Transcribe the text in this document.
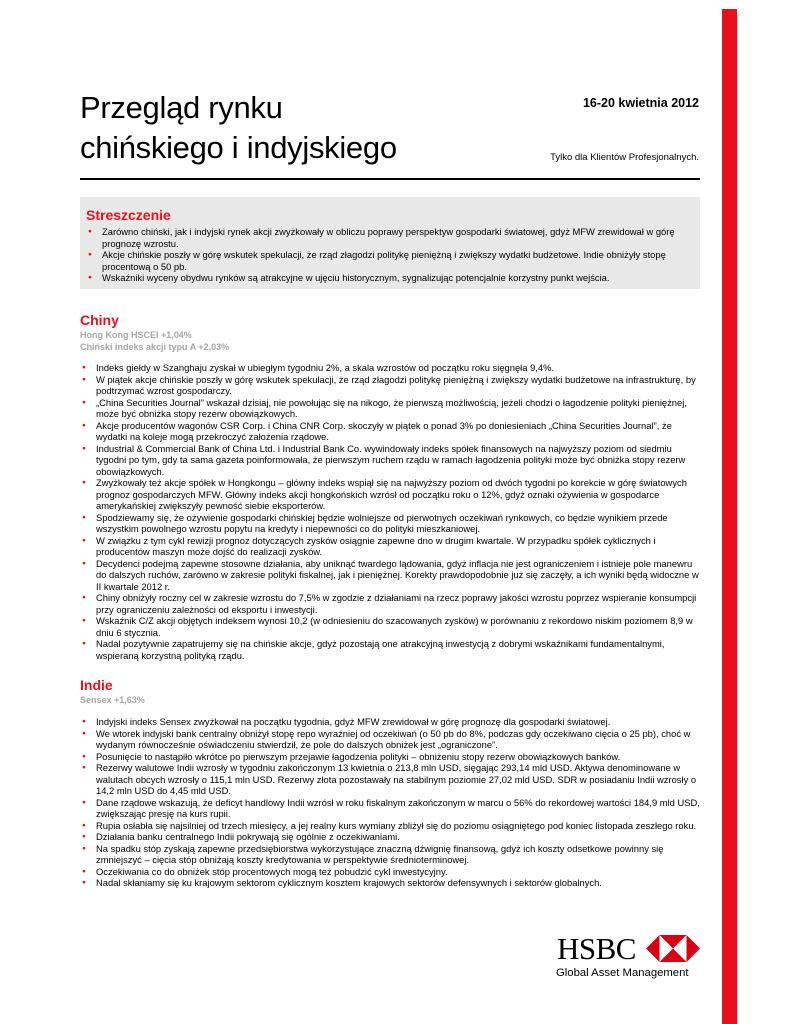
Przegląd rynku
chińskiego i indyjskiego
16-20 kwietnia 2012
Tylko dla Klientów Profesjonalnych.
Streszczenie
● Zarówno chiński, jak i indyjski rynek akcji zwyżkowały w obliczu poprawy perspektyw gospodarki światowej, gdyż MFW zrewidował w górę prognozę wzrostu.
● Akcje chińskie poszły w górę wskutek spekulacji, że rząd złagodzi politykę pieniężną i zwiększy wydatki budżetowe. Indie obniżyły stopę procentową o 50 pb.
● Wskaźniki wyceny obydwu rynków są atrakcyjne w ujęciu historycznym, sygnalizując potencjalnie korzystny punkt wejścia.
Chiny
Hong Kong HSCEI +1,04%
Chiński indeks akcji typu A +2,03%
● Indeks giełdy w Szanghaju zyskał w ubiegłym tygodniu 2%, a skala wzrostów od początku roku sięgnęła 9,4%.
● W piątek akcje chińskie poszły w górę wskutek spekulacji, że rząd złagodzi politykę pieniężną i zwiększy wydatki budżetowe na infrastrukturę, by podtrzymać wzrost gospodarczy.
● „China Securities Journal” wskazał dzisiaj, nie powołując się na nikogo, że pierwszą możliwością, jeżeli chodzi o łagodzenie polityki pieniężnej, może być obniżka stopy rezerw obowiązkowych.
● Akcje producentów wagonów CSR Corp. i China CNR Corp. skoczyły w piątek o ponad 3% po doniesieniach „China Securities Journal”, że wydatki na koleje mogą przekroczyć założenia rządowe.
● Industrial & Commercial Bank of China Ltd. i Industrial Bank Co. wywindowały indeks spółek finansowych na najwyższy poziom od siedmiu tygodni po tym, gdy ta sama gazeta poinformowała, że pierwszym ruchem rządu w ramach łagodzenia polityki może być obniżka stopy rezerw obowiązkowych.
● Zwyżkowały też akcje spółek w Hongkongu – główny indeks wspiął się na najwyższy poziom od dwóch tygodni po korekcie w górę światowych prognoz gospodarczych MFW. Główny indeks akcji hongkońskich wzrósł od początku roku o 12%, gdyż oznaki ożywienia w gospodarce amerykańskiej zwiększyły pewność siebie eksporterów.
● Spodziewamy się, że ożywienie gospodarki chińskiej będzie wolniejsze od pierwotnych oczekiwań rynkowych, co będzie wynikiem przede wszystkim powolnego wzrostu popytu na kredyty i niepewności co do polityki mieszkaniowej.
● W związku z tym cykl rewizji prognoz dotyczących zysków osiągnie zapewne dno w drugim kwartale. W przypadku spółek cyklicznych i producentów maszyn może dojść do realizacji zysków.
● Decydenci podejmą zapewne stosowne działania, aby uniknąć twardego lądowania, gdyż inflacja nie jest ograniczeniem i istnieje pole manewru do dalszych ruchów, zarówno w zakresie polityki fiskalnej, jak i pieniężnej. Korekty prawdopodobnie już się zaczęły, a ich wyniki będą widoczne w II kwartale 2012 r.
● Chiny obniżyły roczny cel w zakresie wzrostu do 7,5% w zgodzie z działaniami na rzecz poprawy jakości wzrostu poprzez wspieranie konsumpcji przy ograniczeniu zależności od eksportu i inwestycji.
● Wskaźnik C/Z akcji objętych indeksem wynosi 10,2 (w odniesieniu do szacowanych zysków) w porównaniu z rekordowo niskim poziomem 8,9 w dniu 6 stycznia.
● Nadal pozytywnie zapatrujemy się na chińskie akcje, gdyż pozostają one atrakcyjną inwestycją z dobrymi wskaźnikami fundamentalnymi, wspieraną korzystną polityką rządu.
Indie
Sensex +1,63%
● Indyjski indeks Sensex zwyżkował na początku tygodnia, gdyż MFW zrewidował w górę prognozę dla gospodarki światowej.
● We wtorek indyjski bank centralny obniżył stopę repo wyraźniej od oczekiwań (o 50 pb do 8%, podczas gdy oczekiwano cięcia o 25 pb), choć w wydanym równocześnie oświadczeniu stwierdził, że pole do dalszych obniżek jest „ograniczone”.
● Posunięcie to nastąpiło wkrótce po pierwszym przejawie łagodzenia polityki – obniżeniu stopy rezerw obowiązkowych banków.
● Rezerwy walutowe Indii wzrosły w tygodniu zakończonym 13 kwietnia o 213,8 mln USD, sięgając 293,14 mld USD. Aktywa denominowane w walutach obcych wzrosły o 115,1 mln USD. Rezerwy złota pozostawały na stabilnym poziomie 27,02 mld USD. SDR w posiadaniu Indii wzrosły o 14,2 mln USD do 4,45 mld USD.
● Dane rządowe wskazują, że deficyt handlowy Indii wzrósł w roku fiskalnym zakończonym w marcu o 56% do rekordowej wartości 184,9 mld USD, zwiększając presję na kurs rupii.
● Rupia osłabła się najsilniej od trzech miesięcy, a jej realny kurs wymiany zbliżył się do poziomu osiągniętego pod koniec listopada zeszłego roku.
● Działania banku centralnego Indii pokrywają się ogólnie z oczekiwaniami.
● Na spadku stóp zyskają zapewne przedsiębiorstwa wykorzystujące znaczną dźwignię finansową, gdyż ich koszty odsetkowe powinny się zmniejszyć – cięcia stóp obniżają koszty kredytowania w perspektywie średnioterminowej.
● Oczekiwania co do obniżek stóp procentowych mogą też pobudzić cykl inwestycyjny.
● Nadal skłaniamy się ku krajowym sektorom cyklicznym kosztem krajowych sektorów defensywnych i sektorów globalnych.
HSBC
Global Asset Management
